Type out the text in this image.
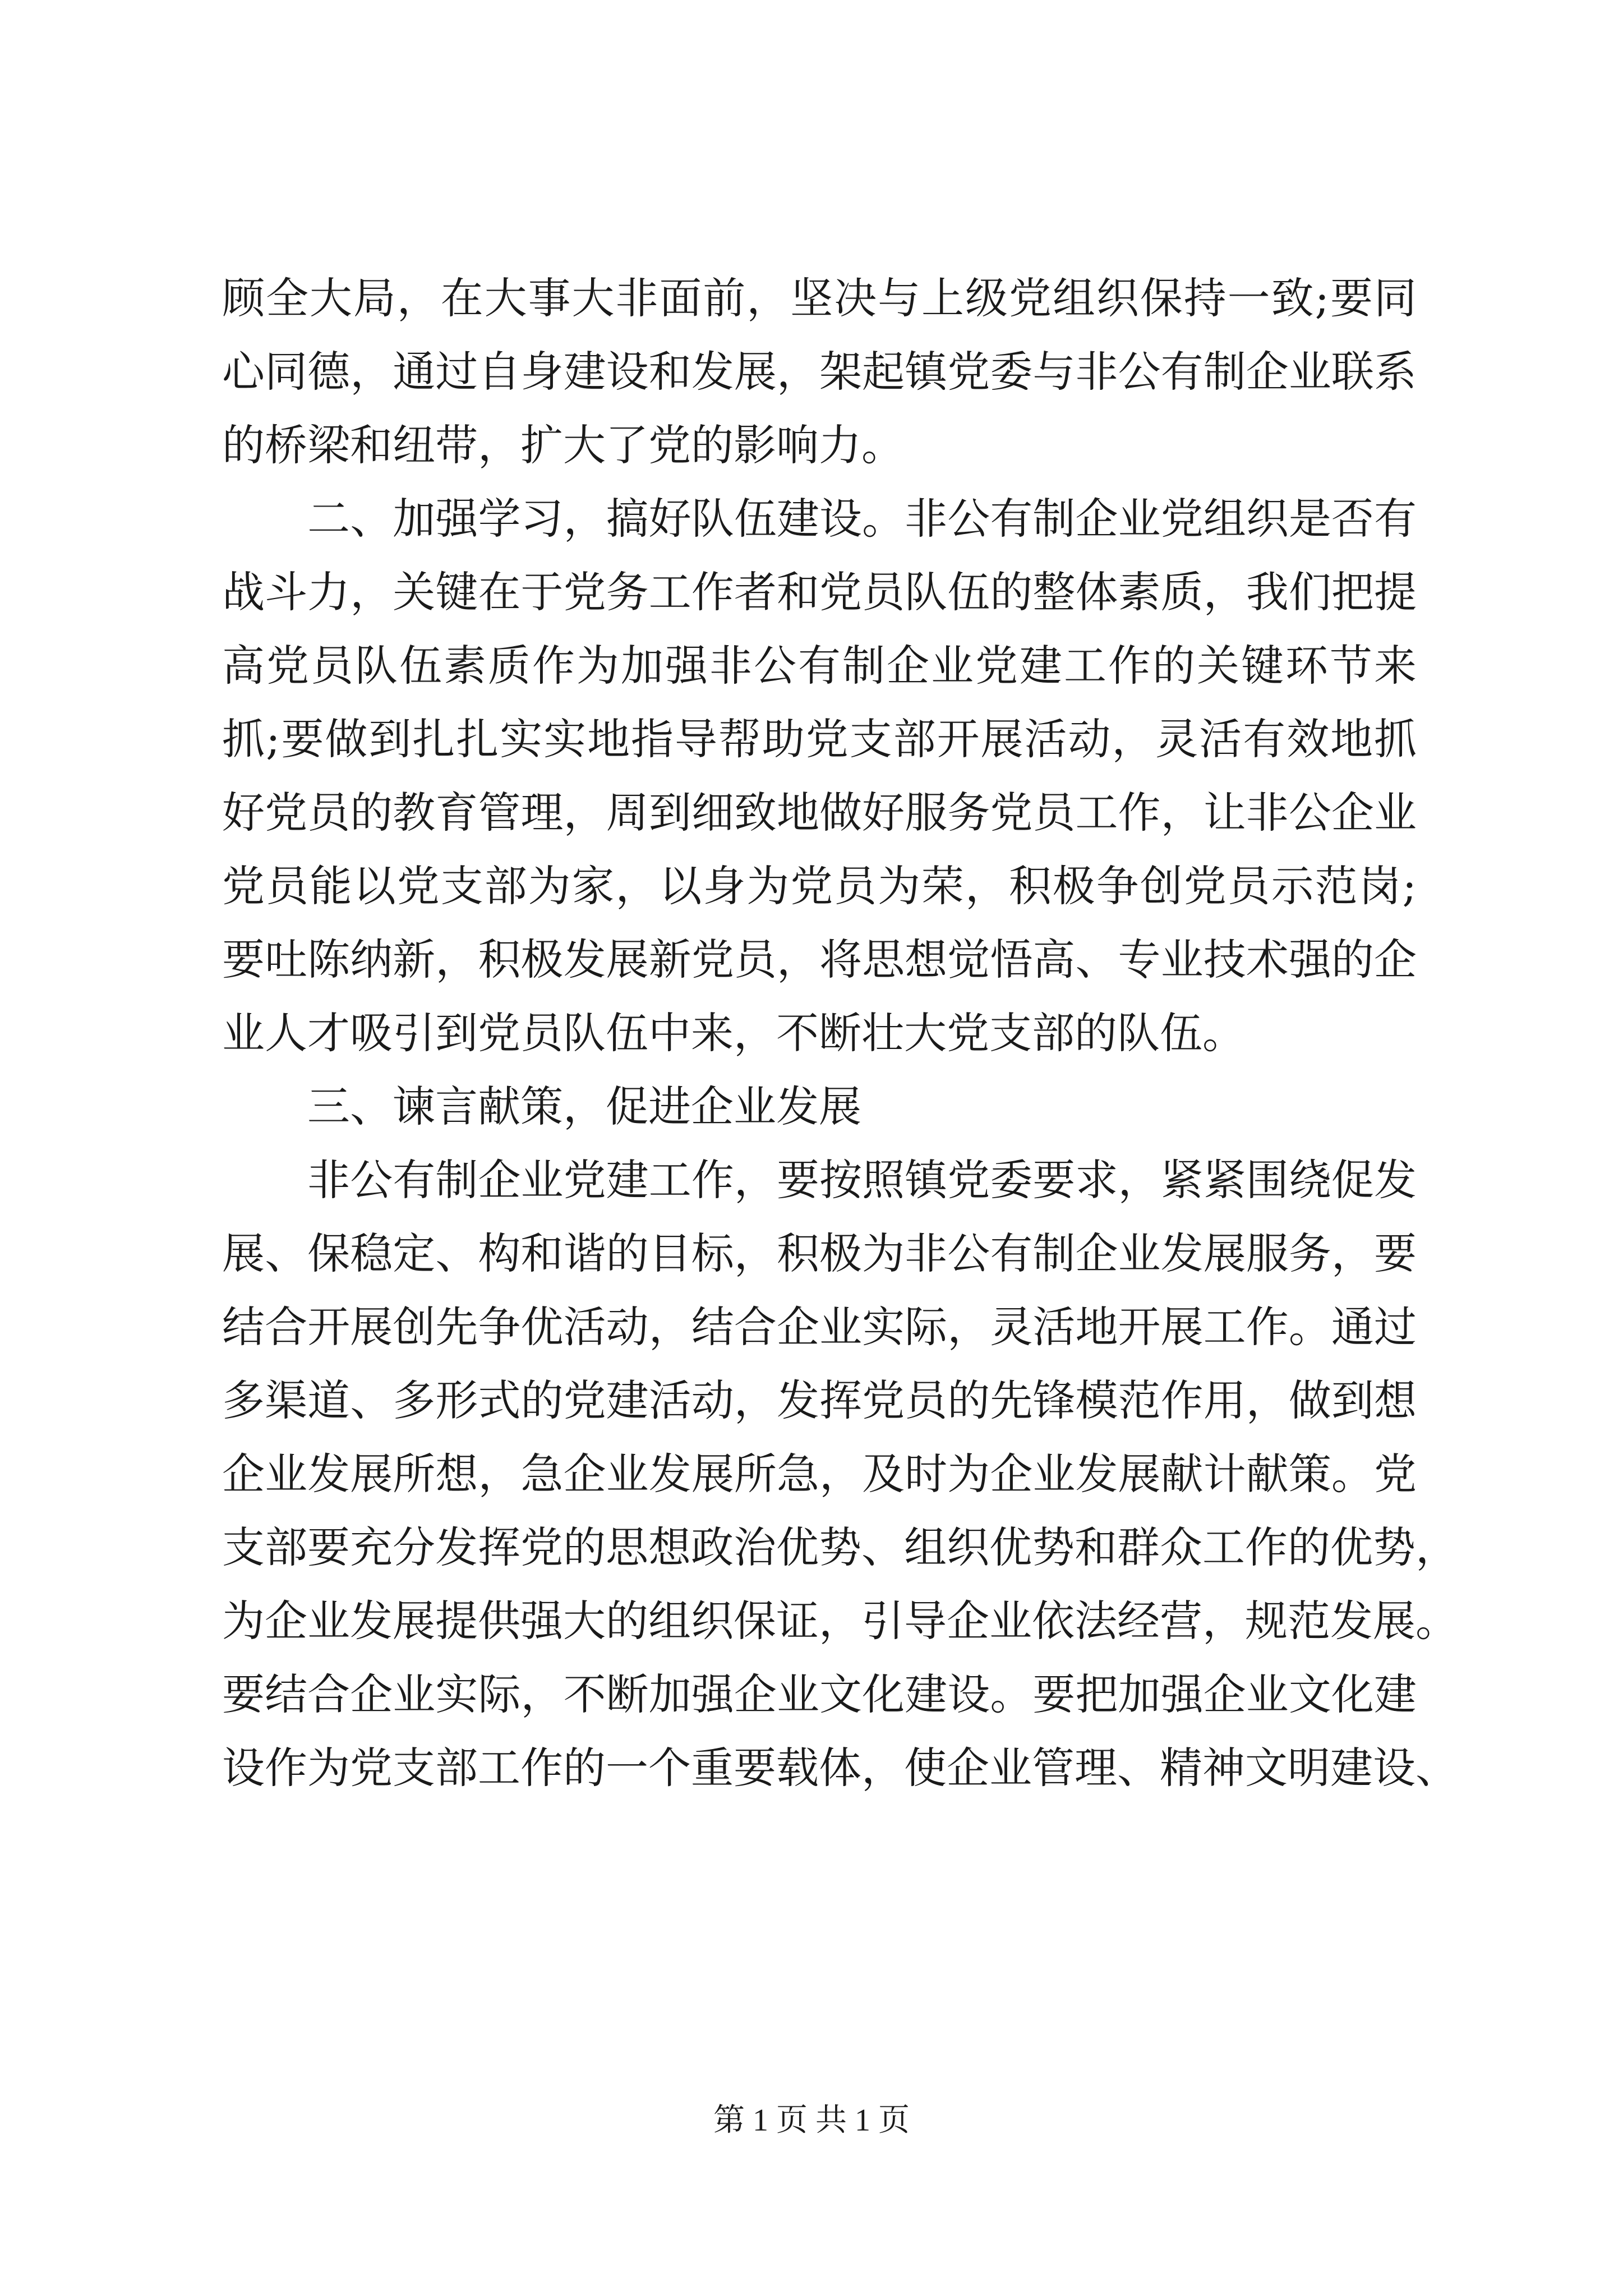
顾全大局，在大事大非面前，坚决与上级党组织保持一致;要同
心同德，通过自身建设和发展，架起镇党委与非公有制企业联系
的桥梁和纽带，扩大了党的影响力。
　　二、加强学习，搞好队伍建设。非公有制企业党组织是否有
战斗力，关键在于党务工作者和党员队伍的整体素质，我们把提
高党员队伍素质作为加强非公有制企业党建工作的关键环节来
抓;要做到扎扎实实地指导帮助党支部开展活动，灵活有效地抓
好党员的教育管理，周到细致地做好服务党员工作，让非公企业
党员能以党支部为家，以身为党员为荣，积极争创党员示范岗;
要吐陈纳新，积极发展新党员，将思想觉悟高、专业技术强的企
业人才吸引到党员队伍中来，不断壮大党支部的队伍。
　　三、谏言献策，促进企业发展
　　非公有制企业党建工作，要按照镇党委要求，紧紧围绕促发
展、保稳定、构和谐的目标，积极为非公有制企业发展服务，要
结合开展创先争优活动，结合企业实际，灵活地开展工作。通过
多渠道、多形式的党建活动，发挥党员的先锋模范作用，做到想
企业发展所想，急企业发展所急，及时为企业发展献计献策。党
支部要充分发挥党的思想政治优势、组织优势和群众工作的优势，
为企业发展提供强大的组织保证，引导企业依法经营，规范发展。
要结合企业实际，不断加强企业文化建设。要把加强企业文化建
设作为党支部工作的一个重要载体，使企业管理、精神文明建设、
第 1 页 共 1 页
